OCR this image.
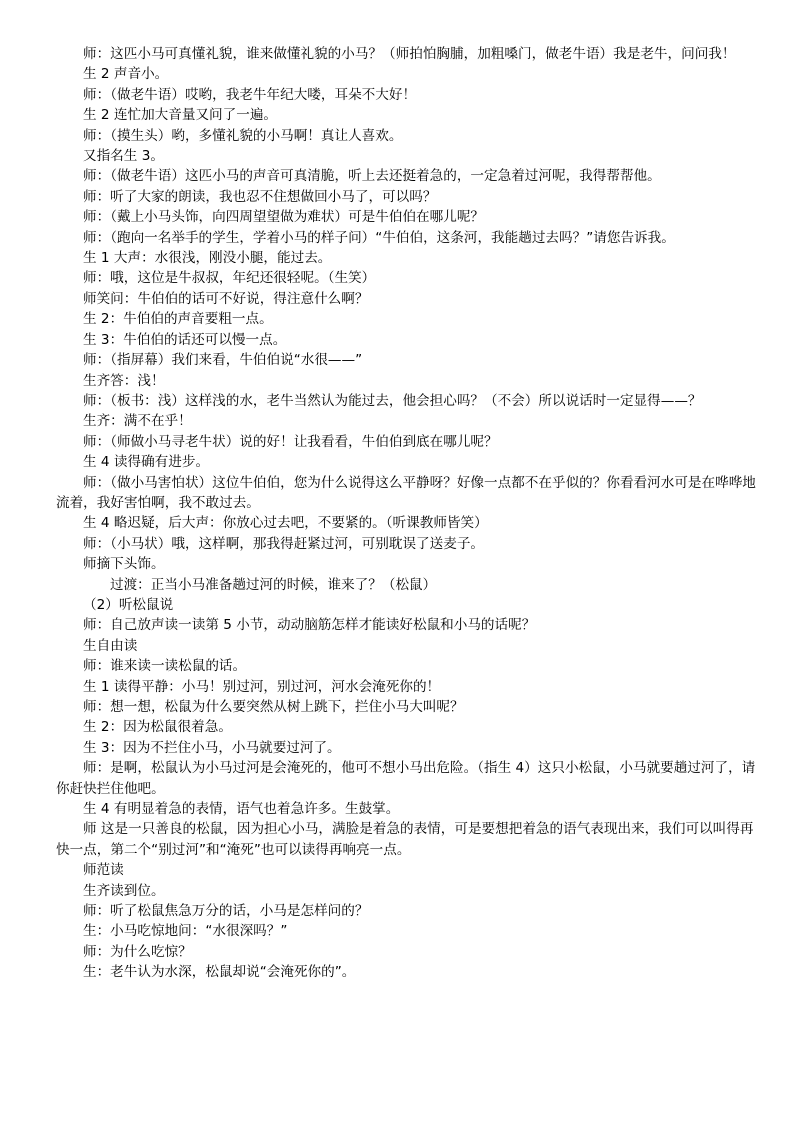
师：这匹小马可真懂礼貌，谁来做懂礼貌的小马？（师拍怕胸脯，加粗嗓门，做老牛语）我是老牛，问问我！

生 2 声音小。

师：（做老牛语）哎哟，我老牛年纪大喽，耳朵不大好！

生 2 连忙加大音量又问了一遍。

师：（摸生头）哟，多懂礼貌的小马啊！真让人喜欢。

又指名生 3。

师：（做老牛语）这匹小马的声音可真清脆，听上去还挺着急的，一定急着过河呢，我得帮帮他。

师：听了大家的朗读，我也忍不住想做回小马了，可以吗？

师：（戴上小马头饰，向四周望望做为难状）可是牛伯伯在哪儿呢？

师：（跑向一名举手的学生，学着小马的样子问）“牛伯伯，这条河，我能趟过去吗？”请您告诉我。

生 1 大声：水很浅，刚没小腿，能过去。

师：哦，这位是牛叔叔，年纪还很轻呢。（生笑）

师笑问：牛伯伯的话可不好说，得注意什么啊？

生 2：牛伯伯的声音要粗一点。

生 3：牛伯伯的话还可以慢一点。

师：（指屏幕）我们来看，牛伯伯说“水很——”

生齐答：浅！

师：（板书：浅）这样浅的水，老牛当然认为能过去，他会担心吗？（不会）所以说话时一定显得——？

生齐：满不在乎！

师：（师做小马寻老牛状）说的好！让我看看，牛伯伯到底在哪儿呢？

生 4 读得确有进步。

师：（做小马害怕状）这位牛伯伯，您为什么说得这么平静呀？好像一点都不在乎似的？你看看河水可是在哗哗地流着，我好害怕啊，我不敢过去。

生 4 略迟疑，后大声：你放心过去吧，不要紧的。（听课教师皆笑）

师：（小马状）哦，这样啊，那我得赶紧过河，可别耽误了送麦子。

师摘下头饰。

过渡：正当小马准备趟过河的时候，谁来了？（松鼠）

（2）听松鼠说

师：自己放声读一读第 5 小节，动动脑筋怎样才能读好松鼠和小马的话呢？

生自由读

师：谁来读一读松鼠的话。

生 1 读得平静：小马！别过河，别过河，河水会淹死你的！

师：想一想，松鼠为什么要突然从树上跳下，拦住小马大叫呢？

生 2：因为松鼠很着急。

生 3：因为不拦住小马，小马就要过河了。

师：是啊，松鼠认为小马过河是会淹死的，他可不想小马出危险。（指生 4）这只小松鼠，小马就要趟过河了，请你赶快拦住他吧。

生 4 有明显着急的表情，语气也着急许多。生鼓掌。

师 这是一只善良的松鼠，因为担心小马，满脸是着急的表情，可是要想把着急的语气表现出来，我们可以叫得再快一点，第二个“别过河”和“淹死”也可以读得再响亮一点。

师范读

生齐读到位。

师：听了松鼠焦急万分的话，小马是怎样问的？

生：小马吃惊地问：“水很深吗？”

师：为什么吃惊？

生：老牛认为水深，松鼠却说“会淹死你的”。
